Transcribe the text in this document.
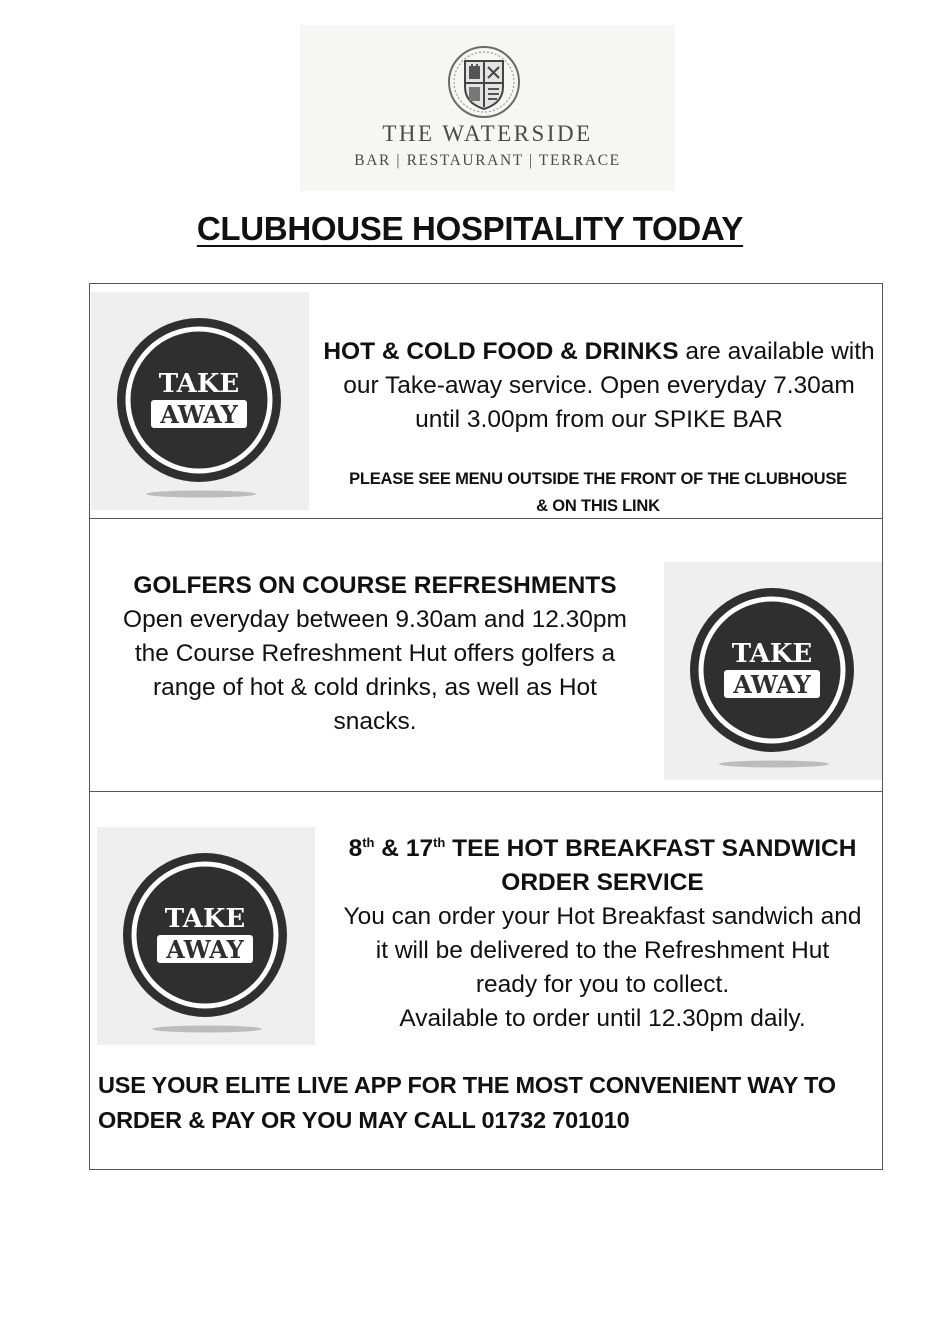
THE WATERSIDE
BAR | RESTAURANT | TERRACE
CLUBHOUSE HOSPITALITY TODAY
TAKE
AWAY
HOT & COLD FOOD & DRINKS are available with our Take-away service. Open everyday 7.30am until 3.00pm from our SPIKE BAR
PLEASE SEE MENU OUTSIDE THE FRONT OF THE CLUBHOUSE
& ON THIS LINK
GOLFERS ON COURSE REFRESHMENTS
Open everyday between 9.30am and 12.30pm
the Course Refreshment Hut offers golfers a
range of hot & cold drinks, as well as Hot
snacks.
TAKE
AWAY
TAKE
AWAY
8th & 17th TEE HOT BREAKFAST SANDWICH
ORDER SERVICE
You can order your Hot Breakfast sandwich and
it will be delivered to the Refreshment Hut
ready for you to collect.
Available to order until 12.30pm daily.
USE YOUR ELITE LIVE APP FOR THE MOST CONVENIENT WAY TO
ORDER & PAY OR YOU MAY CALL 01732 701010
